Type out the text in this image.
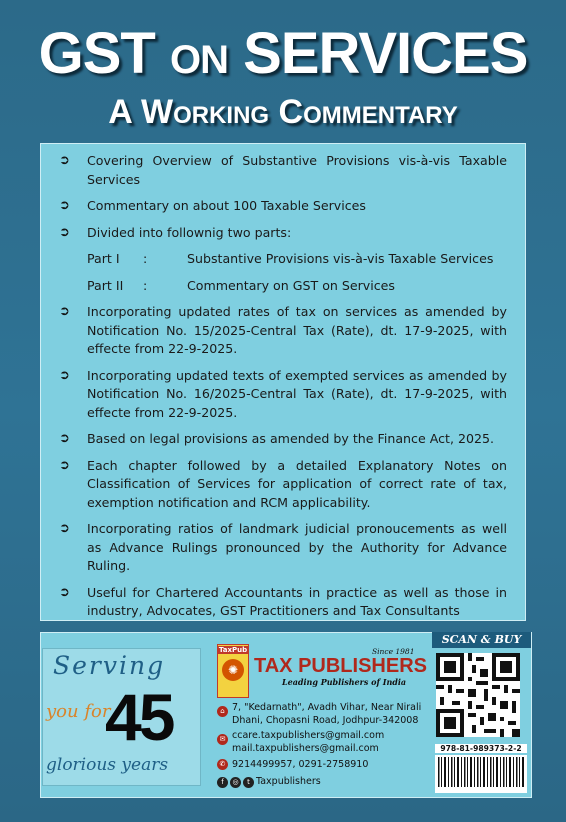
GST ON SERVICES
A Working Commentary
➲ Covering Overview of Substantive Provisions vis-à-vis Taxable Services
➲ Commentary on about 100 Taxable Services
➲ Divided into follownig two parts:
Part I	:	Substantive Provisions vis-à-vis Taxable Services
Part II	:	Commentary on GST on Services
➲ Incorporating updated rates of tax on services as amended by Notification No. 15/2025-Central Tax (Rate), dt. 17-9-2025, with effecte from 22-9-2025.
➲ Incorporating updated texts of exempted services as amended by Notification No. 16/2025-Central Tax (Rate), dt. 17-9-2025, with effecte from 22-9-2025.
➲ Based on legal provisions as amended by the Finance Act, 2025.
➲ Each chapter followed by a detailed Explanatory Notes on Classification of Services for application of correct rate of tax, exemption notification and RCM applicability.
➲ Incorporating ratios of landmark judicial pronoucements as well as Advance Rulings pronounced by the Authority for Advance Ruling.
➲ Useful for Chartered Accountants in practice as well as those in industry, Advocates, GST Practitioners and Tax Consultants
Serving
you for
45
glorious years
TaxPub
✺
Since 1981
TAX PUBLISHERS
Leading Publishers of India
⌂ 7, "Kedarnath", Avadh Vihar, Near Nirali
Dhani, Chopasni Road, Jodhpur-342008
✉ ccare.taxpublishers@gmail.com
mail.taxpublishers@gmail.com
✆ 9214499957, 0291-2758910
f	◎	t Taxpublishers
SCAN & BUY
978-81-989373-2-2
